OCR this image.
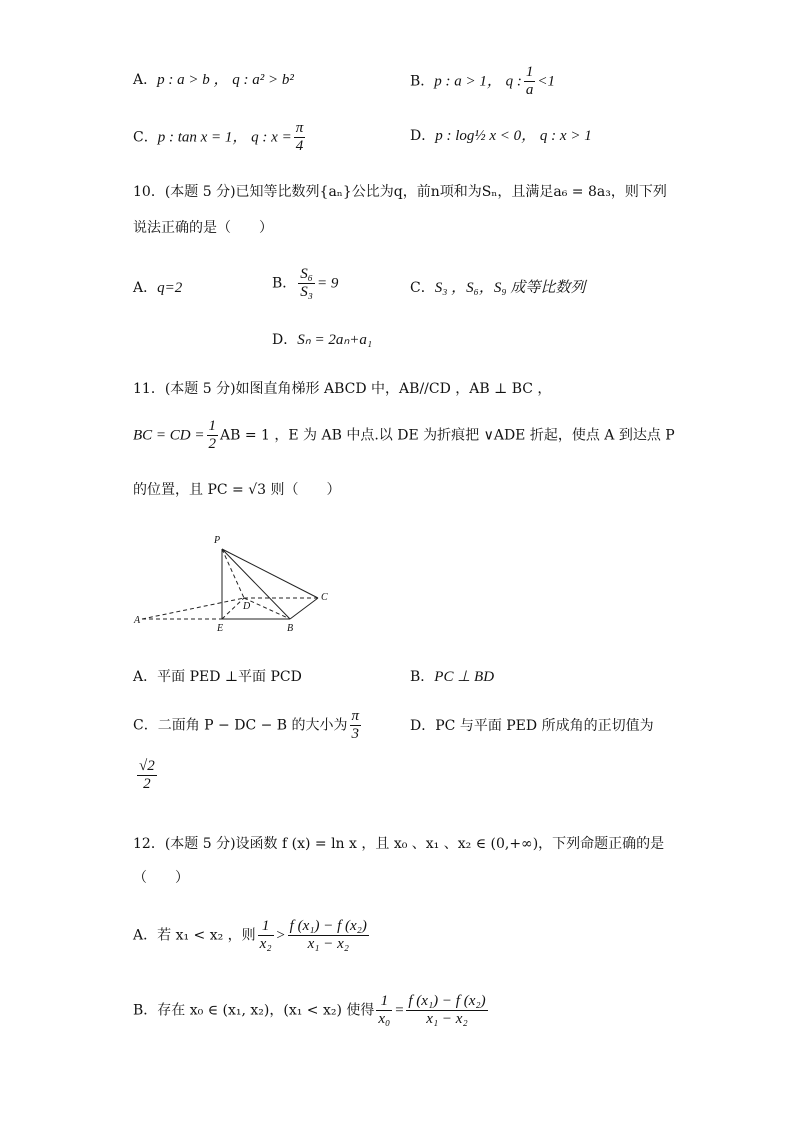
A．p : a > b ， q : a² > b²	B．p : a > 1， q : $\frac{1}{a} <1$
C．p : tan x = 1， q : $x = \frac{\pi}{4}$	D．p : log½ x < 0， q : x > 1
10．(本题 5 分)已知等比数列{aₙ}公比为q，前n项和为Sₙ，且满足a₆ = 8a₃，则下列
说法正确的是（　　）
A．q=2	B． $\frac{\text{S₆}}{\text{S₃}} = 9$	C．S₃ ，S₆，S₉ 成等比数列
D．Sₙ = 2aₙ+a₁
11．(本题 5 分)如图直角梯形 ABCD 中，AB//CD ，AB ⊥ BC ，
BC = CD = $\frac{1}{2}$ AB = 1 ，E 为 AB 中点.以 DE 为折痕把 ∨ADE 折起，使点 A 到达点 P
的位置，且 PC = √3 则（　　）
P
A
D
C
E	B
A．平面 PED ⊥平面 PCD	B．PC ⊥ BD
C．二面角 P − DC − B 的大小为 $\frac{\pi}{3}$	D．PC 与平面 PED 所成角的正切值为
$\frac{√2}{2}$
12．(本题 5 分)设函数 f (x) = ln x ，且 x₀ 、x₁ 、x₂ ∈ (0,+∞)，下列命题正确的是
（　　）
A．若 x₁ < x₂ ，则 $\frac{1}{\text{x₂}} > \frac{\text{f (x₁) − f (x₂)}}{\text{x₁ − x₂}}$
B．存在 x₀ ∈ (x₁, x₂)，(x₁ < x₂) 使得 $\frac{1}{\text{x₀}} = \frac{\text{f (x₁) − f (x₂)}}{\text{x₁ − x₂}}$
